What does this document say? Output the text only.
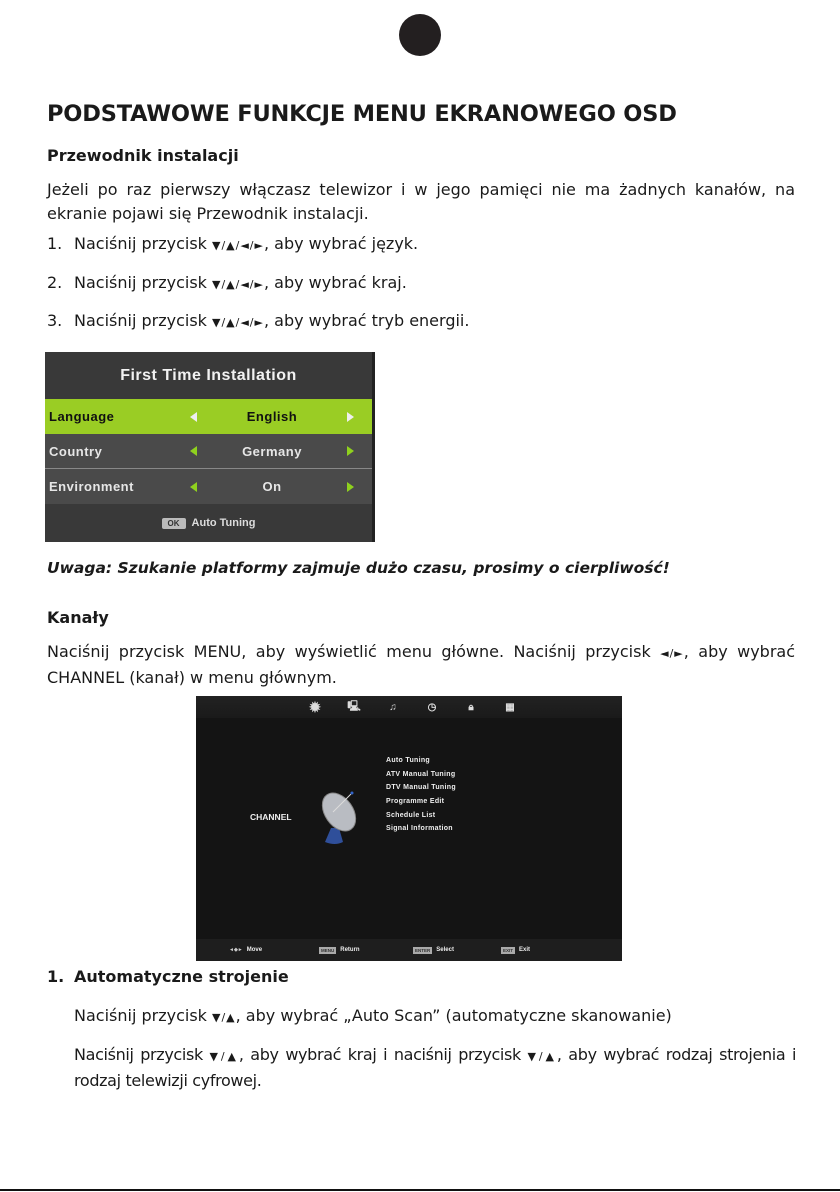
PODSTAWOWE FUNKCJE MENU EKRANOWEGO OSD
Przewodnik instalacji

Jeżeli po raz pierwszy włączasz telewizor i w jego pamięci nie ma żadnych kanałów, na ekranie pojawi się Przewodnik instalacji.

1. Naciśnij przycisk ▼/▲/◄/►, aby wybrać język.
2. Naciśnij przycisk ▼/▲/◄/►, aby wybrać kraj.
3. Naciśnij przycisk ▼/▲/◄/►, aby wybrać tryb energii.
First Time Installation
Language	English
Country	Germany
Environment	On
OK	Auto Tuning

Uwaga: Szukanie platformy zajmuje dużo czasu, prosimy o cierpliwość!

Kanały

Naciśnij przycisk MENU, aby wyświetlić menu główne. Naciśnij przycisk ◄/►, aby wybrać CHANNEL (kanał) w menu głównym.

✹	🖳	♫	◷	🔒︎	▦
CHANNEL
Auto Tuning
ATV Manual Tuning
DTV Manual Tuning
Programme Edit
Schedule List
Signal Information
◄◆► Move	MENU	Return	ENTER	Select	EXIT	Exit
1. Automatyczne strojenie

Naciśnij przycisk ▼/▲, aby wybrać „Auto Scan” (automatyczne skanowanie)

Naciśnij przycisk ▼/▲, aby wybrać kraj i naciśnij przycisk ▼/▲, aby wybrać rodzaj strojenia i rodzaj telewizji cyfrowej.
